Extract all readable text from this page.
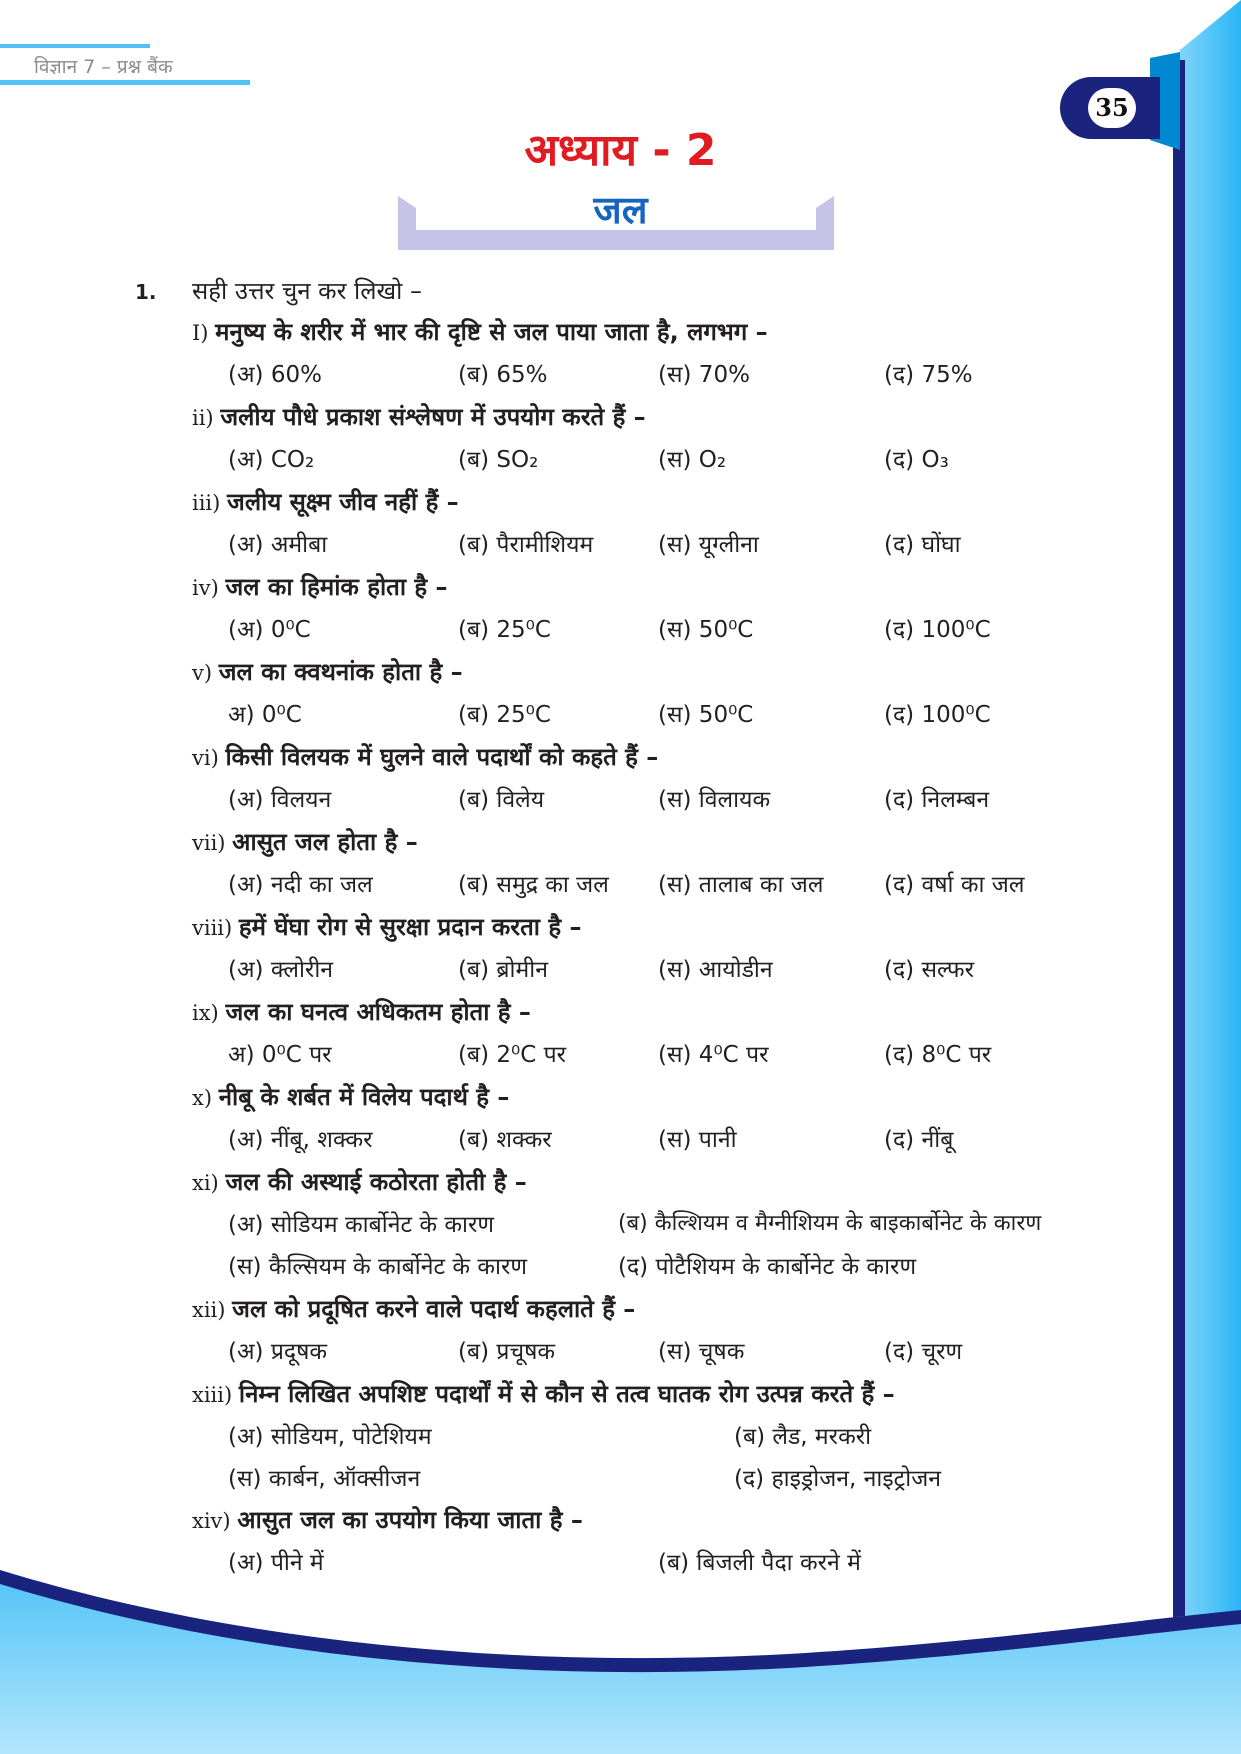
विज्ञान 7 – प्रश्न बैंक
35
अध्याय - 2
जल
1. सही उत्तर चुन कर लिखो –
I) मनुष्य के शरीर में भार की दृष्टि से जल पाया जाता है, लगभग –
(अ) 60%	(ब) 65%	(स) 70%	(द) 75%
ii) जलीय पौधे प्रकाश संश्लेषण में उपयोग करते हैं –
(अ) CO₂	(ब) SO₂	(स) O₂	(द) O₃
iii) जलीय सूक्ष्म जीव नहीं हैं –
(अ) अमीबा	(ब) पैरामीशियम	(स) यूग्लीना	(द) घोंघा
iv) जल का हिमांक होता है –
(अ) 0⁰C	(ब) 25⁰C	(स) 50⁰C	(द) 100⁰C
v) जल का क्वथनांक होता है –
अ) 0⁰C	(ब) 25⁰C	(स) 50⁰C	(द) 100⁰C
vi) किसी विलयक में घुलने वाले पदार्थों को कहते हैं –
(अ) विलयन	(ब) विलेय	(स) विलायक	(द) निलम्बन
vii) आसुत जल होता है –
(अ) नदी का जल	(ब) समुद्र का जल (स) तालाब का जल	(द) वर्षा का जल
viii) हमें घेंघा रोग से सुरक्षा प्रदान करता है –
(अ) क्लोरीन	(ब) ब्रोमीन	(स) आयोडीन	(द) सल्फर
ix) जल का घनत्व अधिकतम होता है –
अ) 0⁰C पर	(ब) 2⁰C पर	(स) 4⁰C पर	(द) 8⁰C पर
x) नीबू के शर्बत में विलेय पदार्थ है –
(अ) नींबू, शक्कर	(ब) शक्कर	(स) पानी	(द) नींबू
xi) जल की अस्थाई कठोरता होती है –
(अ) सोडियम कार्बोनेट के कारण	(ब) कैल्शियम व मैग्नीशियम के बाइकार्बोनेट के कारण
(स) कैल्सियम के कार्बोनेट के कारण	(द) पोटैशियम के कार्बोनेट के कारण
xii) जल को प्रदूषित करने वाले पदार्थ कहलाते हैं –
(अ) प्रदूषक	(ब) प्रचूषक	(स) चूषक	(द) चूरण
xiii) निम्न लिखित अपशिष्ट पदार्थों में से कौन से तत्व घातक रोग उत्पन्न करते हैं –
(अ) सोडियम, पोटेशियम	(ब) लैड, मरकरी
(स) कार्बन, ऑक्सीजन	(द) हाइड्रोजन, नाइट्रोजन
xiv) आसुत जल का उपयोग किया जाता है –
(अ) पीने में	(ब) बिजली पैदा करने में
